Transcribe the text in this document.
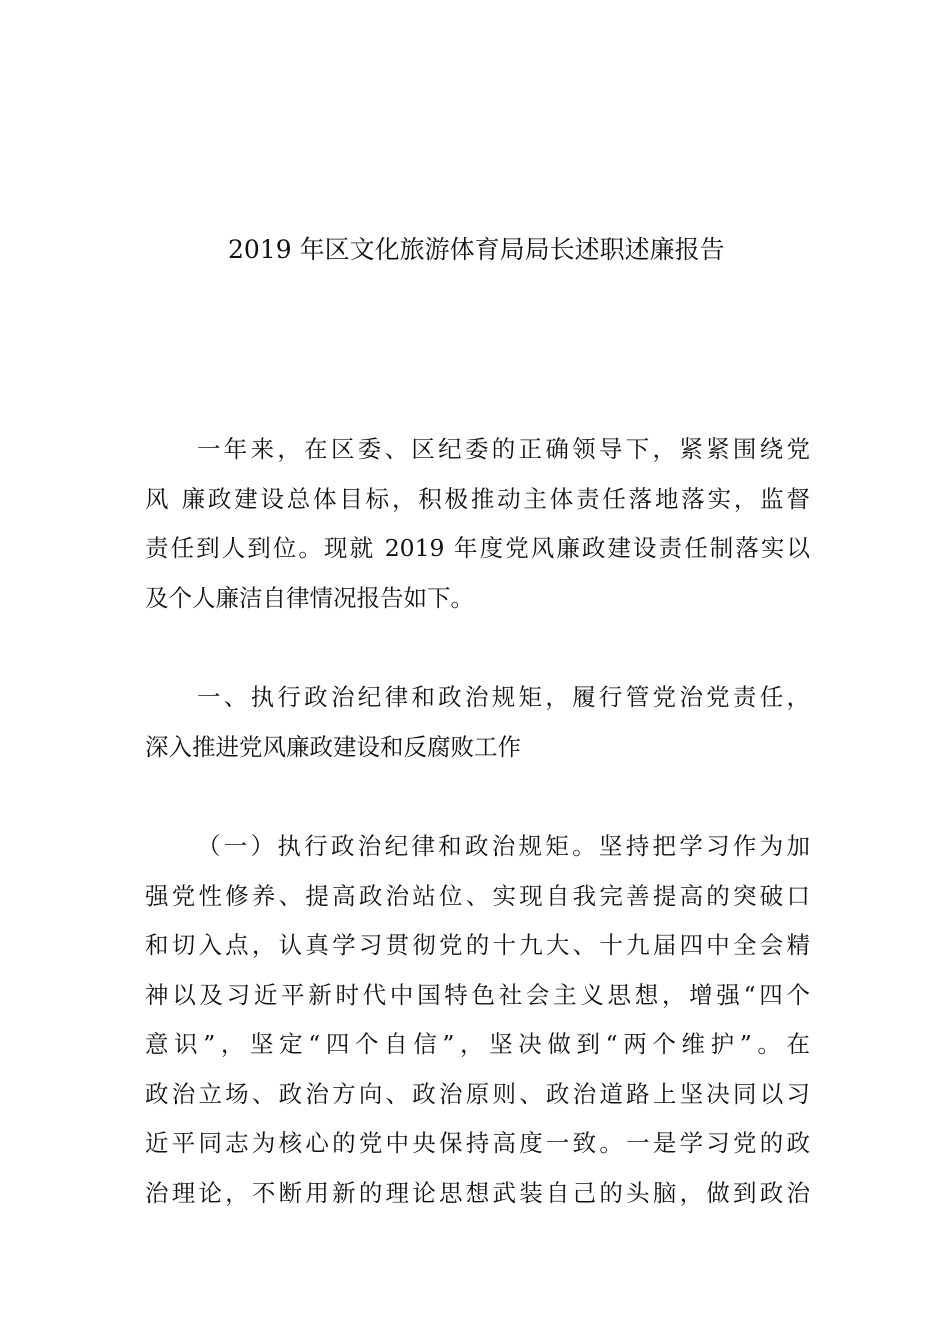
2019 年区文化旅游体育局局长述职述廉报告
一年来，在区委、区纪委的正确领导下，紧紧围绕党
风 廉政建设总体目标，积极推动主体责任落地落实，监督
责任到人到位。现就 2019 年度党风廉政建设责任制落实以
及个人廉洁自律情况报告如下。
一、执行政治纪律和政治规矩，履行管党治党责任，
深入推进党风廉政建设和反腐败工作
（一）执行政治纪律和政治规矩。坚持把学习作为加
强党性修养、提高政治站位、实现自我完善提高的突破口
和切入点，认真学习贯彻党的十九大、十九届四中全会精
神以及习近平新时代中国特色社会主义思想，增强“四个
意识”，坚定“四个自信”，坚决做到“两个维护”。在
政治立场、政治方向、政治原则、政治道路上坚决同以习
近平同志为核心的党中央保持高度一致。一是学习党的政
治理论，不断用新的理论思想武装自己的头脑，做到政治
